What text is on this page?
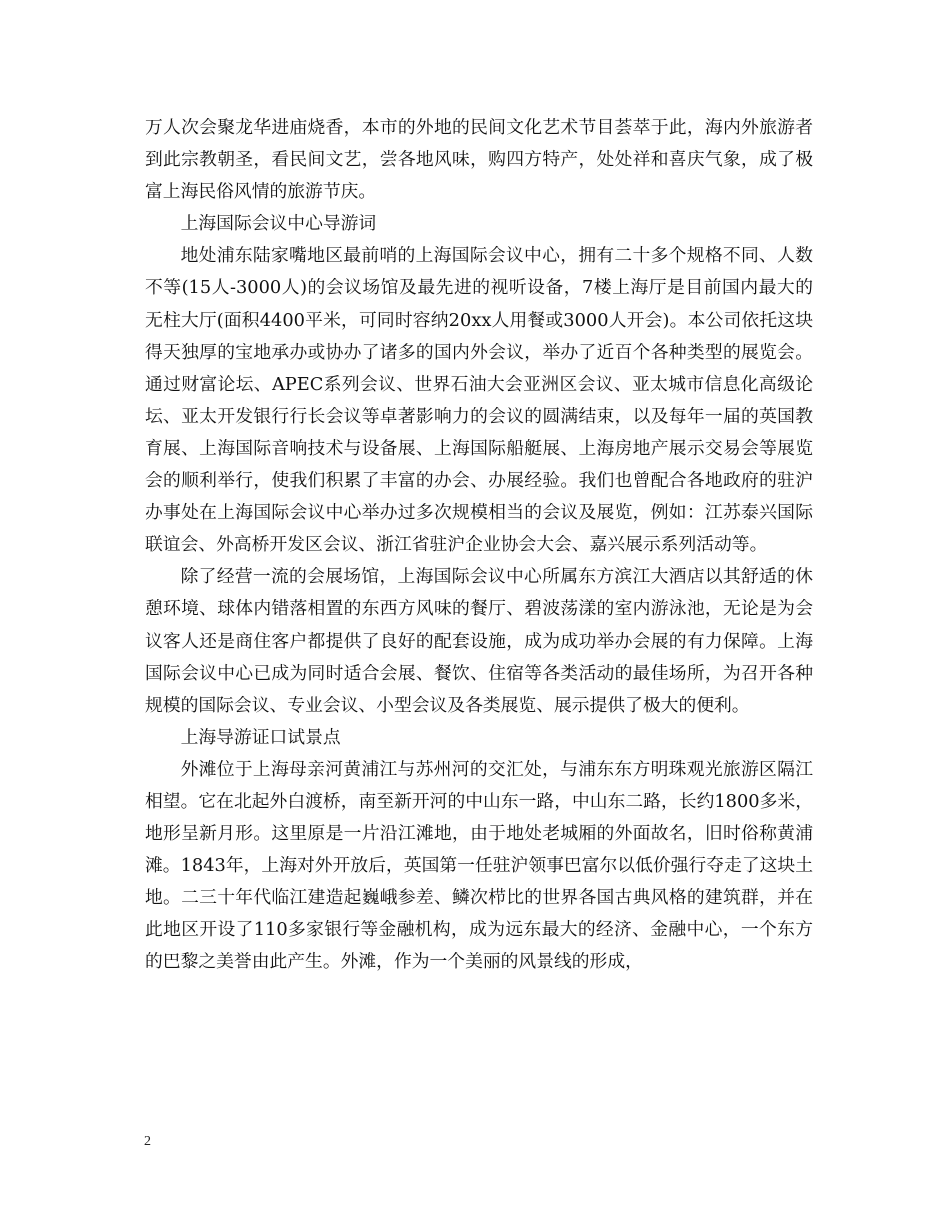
万人次会聚龙华进庙烧香，本市的外地的民间文化艺术节目荟萃于此，海内外旅游者到此宗教朝圣，看民间文艺，尝各地风味，购四方特产，处处祥和喜庆气象，成了极富上海民俗风情的旅游节庆。

上海国际会议中心导游词

地处浦东陆家嘴地区最前哨的上海国际会议中心，拥有二十多个规格不同、人数不等(15人-3000人)的会议场馆及最先进的视听设备，7楼上海厅是目前国内最大的无柱大厅(面积4400平米，可同时容纳20xx人用餐或3000人开会)。本公司依托这块得天独厚的宝地承办或协办了诸多的国内外会议，举办了近百个各种类型的展览会。通过财富论坛、APEC系列会议、世界石油大会亚洲区会议、亚太城市信息化高级论坛、亚太开发银行行长会议等卓著影响力的会议的圆满结束，以及每年一届的英国教育展、上海国际音响技术与设备展、上海国际船艇展、上海房地产展示交易会等展览会的顺利举行，使我们积累了丰富的办会、办展经验。我们也曾配合各地政府的驻沪办事处在上海国际会议中心举办过多次规模相当的会议及展览，例如：江苏泰兴国际联谊会、外高桥开发区会议、浙江省驻沪企业协会大会、嘉兴展示系列活动等。

除了经营一流的会展场馆，上海国际会议中心所属东方滨江大酒店以其舒适的休憩环境、球体内错落相置的东西方风味的餐厅、碧波荡漾的室内游泳池，无论是为会议客人还是商住客户都提供了良好的配套设施，成为成功举办会展的有力保障。上海国际会议中心已成为同时适合会展、餐饮、住宿等各类活动的最佳场所，为召开各种规模的国际会议、专业会议、小型会议及各类展览、展示提供了极大的便利。

上海导游证口试景点

外滩位于上海母亲河黄浦江与苏州河的交汇处，与浦东东方明珠观光旅游区隔江相望。它在北起外白渡桥，南至新开河的中山东一路，中山东二路，长约1800多米，地形呈新月形。这里原是一片沿江滩地，由于地处老城厢的外面故名，旧时俗称黄浦滩。1843年，上海对外开放后，英国第一任驻沪领事巴富尔以低价强行夺走了这块土地。二三十年代临江建造起巍峨参差、鳞次栉比的世界各国古典风格的建筑群，并在此地区开设了110多家银行等金融机构，成为远东最大的经济、金融中心，一个东方的巴黎之美誉由此产生。外滩，作为一个美丽的风景线的形成，

2
